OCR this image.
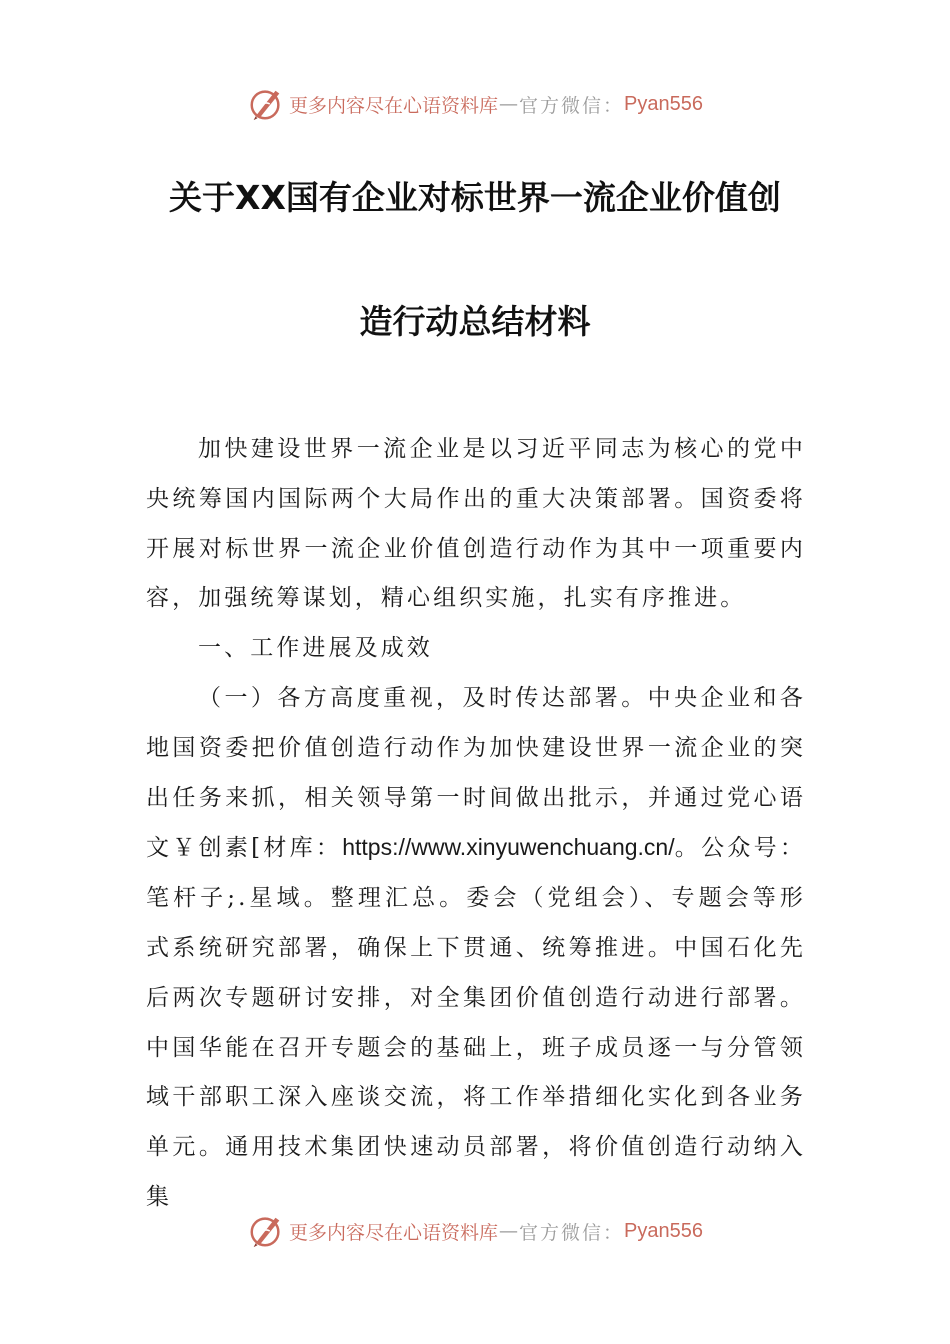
更多内容尽在心语资料库 — 官方微信： Pyan556
关于XX国有企业对标世界一流企业价值创
造行动总结材料

加快建设世界一流企业是以习近平同志为核心的党中央统筹国内国际两个大局作出的重大决策部署。国资委将开展对标世界一流企业价值创造行动作为其中一项重要内容，加强统筹谋划，精心组织实施，扎实有序推进。

一、工作进展及成效

（一）各方高度重视，及时传达部署。中央企业和各地国资委把价值创造行动作为加快建设世界一流企业的突出任务来抓，相关领导第一时间做出批示，并通过党心语文￥创素[材库：https://www.xinyuwenchuang.cn/。公众号：笔杆子;.星域。整理汇总。委会（党组会）、专题会等形式系统研究部署，确保上下贯通、统筹推进。中国石化先后两次专题研讨安排，对全集团价值创造行动进行部署。中国华能在召开专题会的基础上，班子成员逐一与分管领域干部职工深入座谈交流，将工作举措细化实化到各业务单元。通用技术集团快速动员部署，将价值创造行动纳入集

更多内容尽在心语资料库 — 官方微信： Pyan556
